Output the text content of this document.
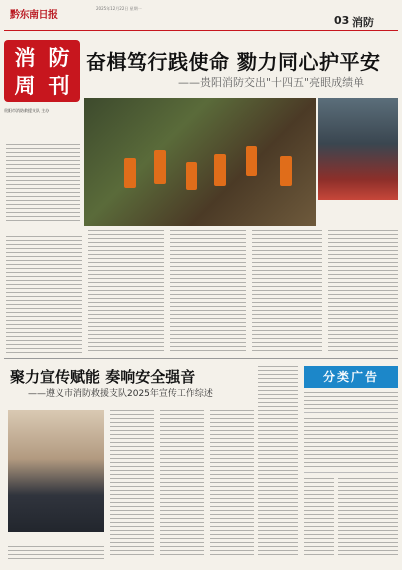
黔东南日报
2025年12月22日 星期一
03 消防
消 防
周 刊
贵阳市消防救援支队 主办
奋楫笃行践使命 勠力同心护平安
——贵阳消防交出"十四五"亮眼成绩单
聚力宣传赋能 奏响安全强音
——遵义市消防救援支队2025年宣传工作综述
分类广告
